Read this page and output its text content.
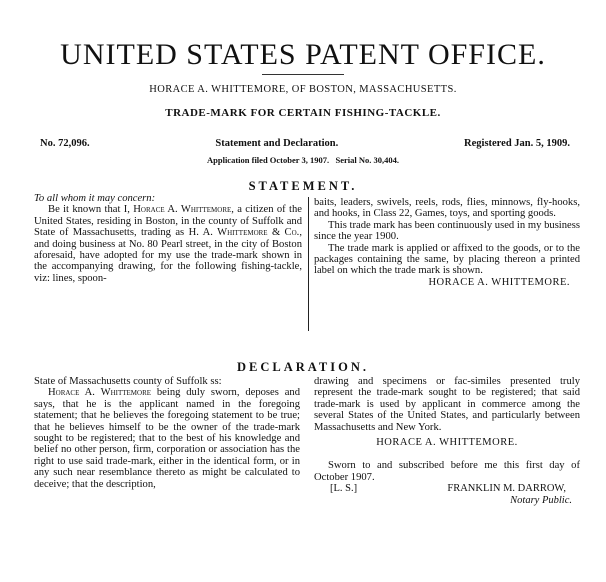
UNITED STATES PATENT OFFICE.
HORACE A. WHITTEMORE, OF BOSTON, MASSACHUSETTS.
TRADE-MARK FOR CERTAIN FISHING-TACKLE.
No. 72,096.	Statement and Declaration.	Registered Jan. 5, 1909.
Application filed October 3, 1907.   Serial No. 30,404.
STATEMENT.

To all whom it may concern:

Be it known that I, Horace A. Whittemore, a citizen of the United States, residing in Boston, in the county of Suffolk and State of Massachusetts, trading as H. A. Whittemore & Co., and doing business at No. 80 Pearl street, in the city of Boston aforesaid, have adopted for my use the trade-mark shown in the accompanying drawing, for the following fishing-tackle, viz: lines, spoon-

baits, leaders, swivels, reels, rods, flies, minnows, fly-hooks, and hooks, in Class 22, Games, toys, and sporting goods.

This trade mark has been continuously used in my business since the year 1900.

The trade mark is applied or affixed to the goods, or to the packages containing the same, by placing thereon a printed label on which the trade mark is shown.

HORACE A. WHITTEMORE.

DECLARATION.

State of Massachusetts county of Suffolk ss:

Horace A. Whittemore being duly sworn, deposes and says, that he is the applicant named in the foregoing statement; that he believes the foregoing statement to be true; that he believes himself to be the owner of the trade-mark sought to be registered; that to the best of his knowledge and belief no other person, firm, corporation or association has the right to use said trade-mark, either in the identical form, or in any such near resemblance thereto as might be calculated to deceive; that the description,

drawing and specimens or fac-similes presented truly represent the trade-mark sought to be registered; that said trade-mark is used by applicant in commerce among the several States of the United States, and particularly between Massachusetts and New York.

HORACE A. WHITTEMORE.

Sworn to and subscribed before me this first day of October 1907.

[L. S.]	FRANKLIN M. DARROW,

Notary Public.
